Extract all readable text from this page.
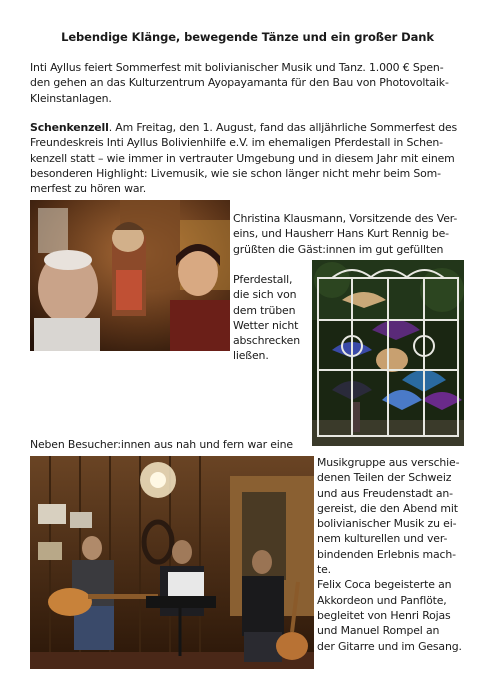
Lebendige Klänge, bewegende Tänze und ein großer Dank

Inti Ayllus feiert Sommerfest mit bolivianischer Musik und Tanz. 1.000 € Spen-
den gehen an das Kulturzentrum Ayopayamanta für den Bau von Photovoltaik-
Kleinstanlagen.

Schenkenzell. Am Freitag, den 1. August, fand das alljährliche Sommerfest des
Freundeskreis Inti Ayllus Bolivienhilfe e.V. im ehemaligen Pferdestall in Schen-
kenzell statt – wie immer in vertrauter Umgebung und in diesem Jahr mit einem
besonderen Highlight: Livemusik, wie sie schon länger nicht mehr beim Som-
merfest zu hören war.

Christina Klausmann, Vorsitzende des Ver-
eins, und Hausherr Hans Kurt Rennig be-
grüßten die Gäst:innen im gut gefüllten

Pferdestall,
die sich von
dem trüben
Wetter nicht
abschrecken
ließen.

Neben Besucher:innen aus nah und fern war eine

Musikgruppe aus verschie-
denen Teilen der Schweiz
und aus Freudenstadt an-
gereist, die den Abend mit
bolivianischer Musik zu ei-
nem kulturellen und ver-
bindenden Erlebnis mach-
te.
Felix Coca begeisterte an
Akkordeon und Panflöte,
begleitet von Henri Rojas
und Manuel Rompel an
der Gitarre und im Gesang.
